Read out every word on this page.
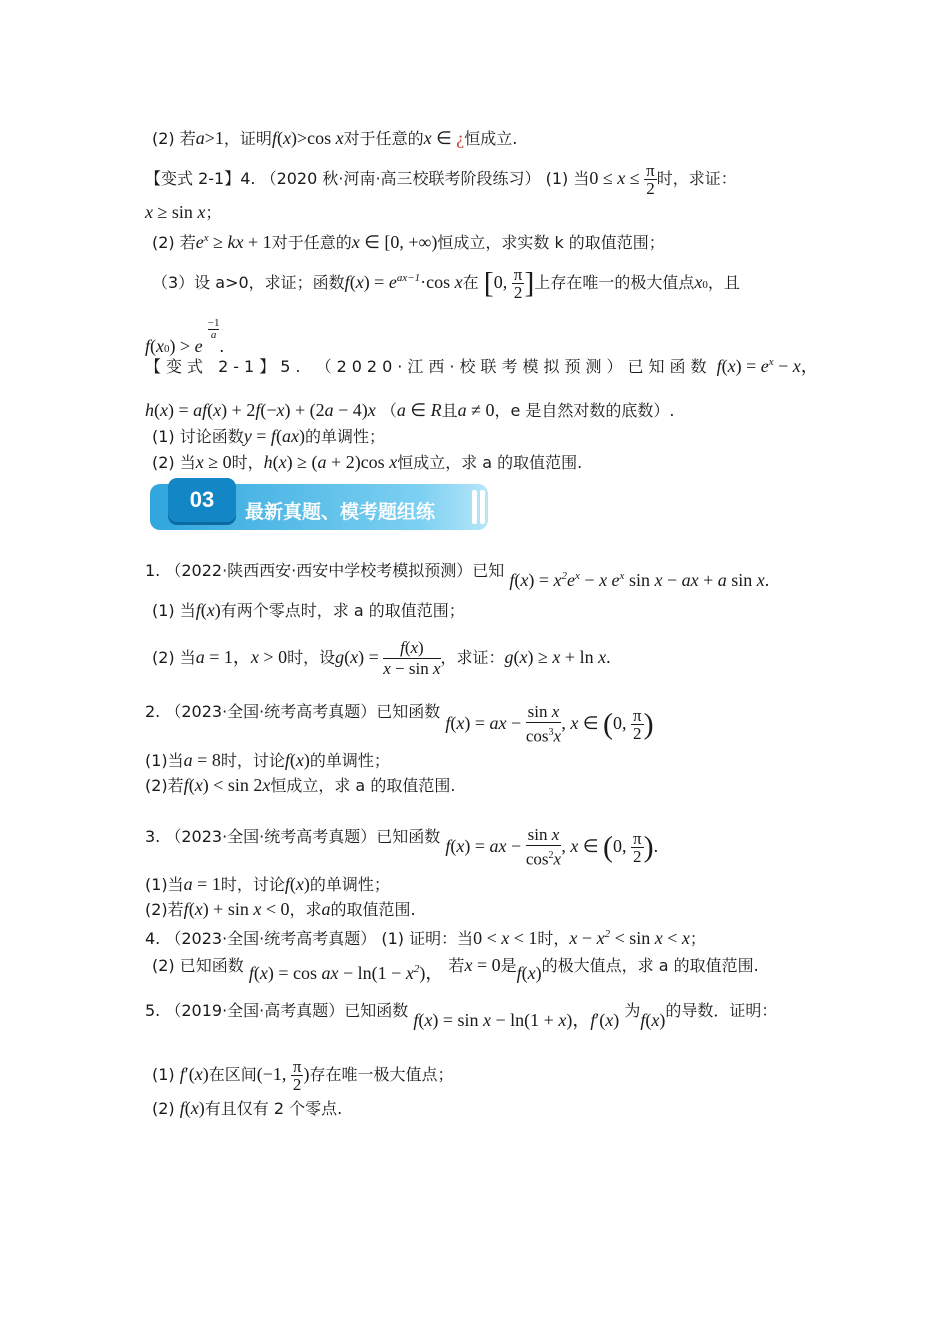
(2) 若a>1，证明f(x)>cos x对于任意的x ∈ ¿恒成立.
【变式 2-1】4. （2020 秋·河南·高三校联考阶段练习） (1) 当$0 \le x \le \frac{\pi}{2}$ 时，求证：
x ≥ sin x；
(2) 若$e^x$ ≥ kx + 1对于任意的x ∈ [0, +∞)恒成立，求实数 k 的取值范围；
（3）设 a>0，求证；函数$f(x) = e^{ax-1}\cdot\cos$ x在 [0, $\frac{\pi}{2}$ ]上存在唯一的极大值点x0，且
f(x0) > e
$\frac{-1}{a}$
.
【变式 2-1】5. （2020·江西·校联考模拟预测）已知函数 $f(x) = e^x - x$，
h(x) = af(x) + 2f(−x) + (2a − 4)x （a ∈ R且a ≠ 0，e 是自然对数的底数）.
(1) 讨论函数y = f(ax)的单调性；
(2) 当x ≥ 0时，h(x) ≥ (a + 2)cos x恒成立，求 a 的取值范围.
03
最新真题、模考题组练
1. （2022·陕西西安·西安中学校考模拟预测）已知 $f(x) = x^2e^x - x$ $e^x$ sin x − ax + a sin x.
(1) 当f(x)有两个零点时，求 a 的取值范围；
(2) 当a = 1，x > 0时，设$g(x) = \frac{f(x)}{\text{x − sin x}}$ ，求证：g(x) ≥ x + ln x.
2. （2023·全国·统考高考真题）已知函数 f(x) = ax − $\frac{\text{sin x}}{\cos^3x}$ , x ∈ (0, $\frac{\pi}{2}$ )
(1)当a = 8时，讨论f(x)的单调性；
(2)若f(x) < sin 2x恒成立，求 a 的取值范围.
3. （2023·全国·统考高考真题）已知函数 f(x) = ax − $\frac{\text{sin x}}{\cos^2x}$ , x ∈ (0, $\frac{\pi}{2}$ ).
(1)当a = 1时，讨论f(x)的单调性；
(2)若f(x) + sin x < 0，求a的取值范围.
4. （2023·全国·统考高考真题） (1) 证明：当0 < x < 1时，$x - x^2 < \sin x < x$；
(2) 已知函数 f(x) = cos ax − $\ln(1 - x^2)$， 若x = 0是f(x)的极大值点，求 a 的取值范围.
5. （2019·全国·高考真题）已知函数 f(x) = sin x − ln(1 + x)，f′(x) 为f(x)的导数．证明：
(1) f′(x)在区间(−1, $\frac{\pi}{2}$ )存在唯一极大值点；
(2) f(x)有且仅有 2 个零点.
